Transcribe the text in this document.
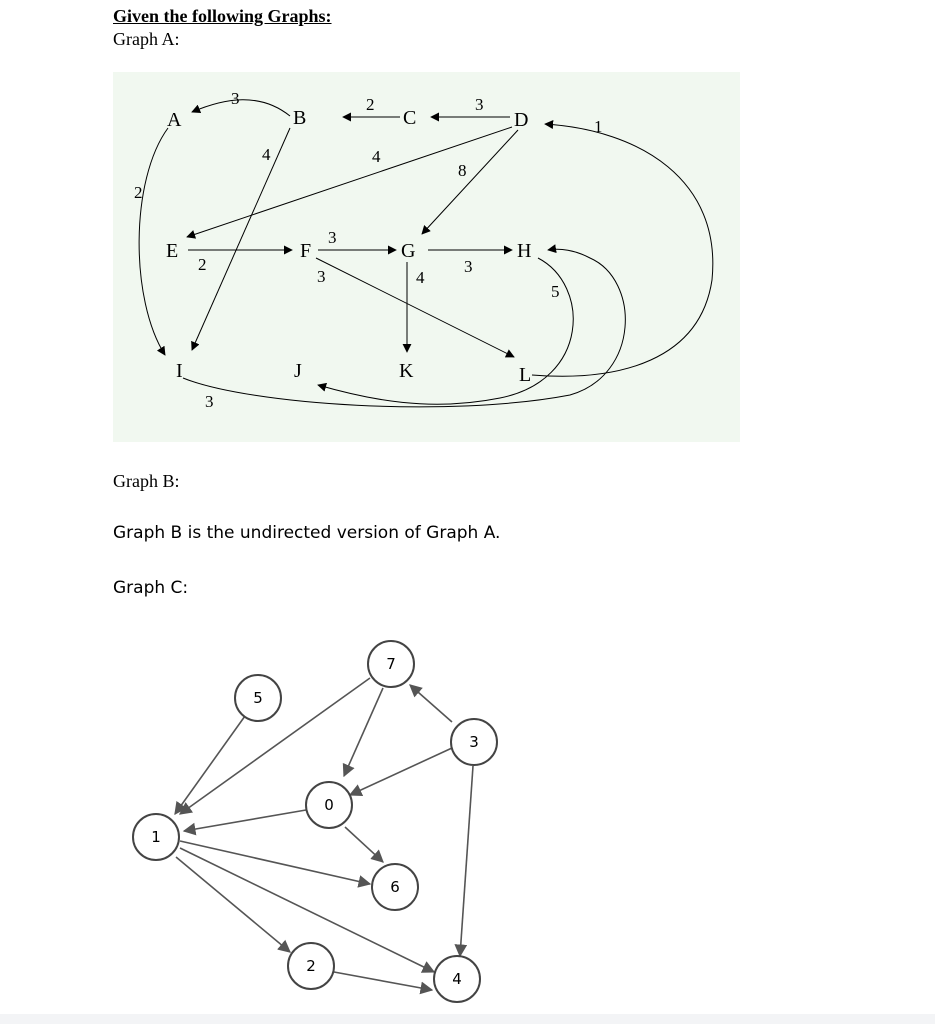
Given the following Graphs:
Graph A:
A	B	C	D
E	F	G	H
I	J	K	L
3	2	3
1
4	4
8
2
3
2
3	4
5
3
3
7
5
3
0
1
6
2
4
Graph B:
Graph B is the undirected version of Graph A.
Graph C:
